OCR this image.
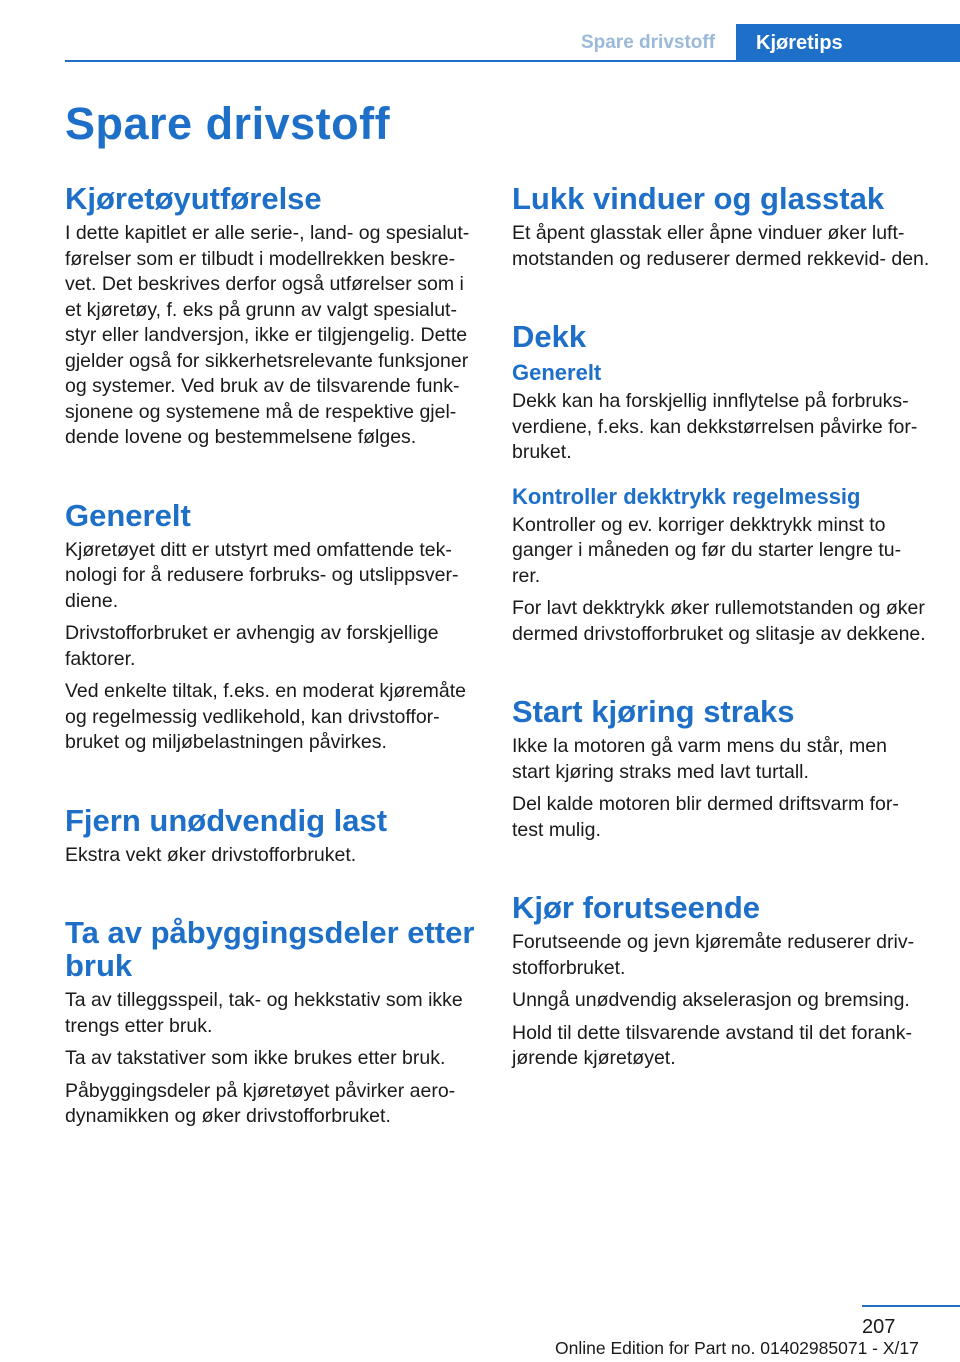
Spare drivstoff	Kjøretips
Spare drivstoff
Kjøretøyutførelse

I dette kapitlet er alle serie-, land- og spesialut- førelser som er tilbudt i modellrekken beskre- vet. Det beskrives derfor også utførelser som i et kjøretøy, f. eks på grunn av valgt spesialut- styr eller landversjon, ikke er tilgjengelig. Dette gjelder også for sikkerhetsrelevante funksjoner og systemer. Ved bruk av de tilsvarende funk- sjonene og systemene må de respektive gjel- dende lovene og bestemmelsene følges.

Generelt

Kjøretøyet ditt er utstyrt med omfattende tek- nologi for å redusere forbruks- og utslippsver- diene.

Drivstofforbruket er avhengig av forskjellige faktorer.

Ved enkelte tiltak, f.eks. en moderat kjøremåte og regelmessig vedlikehold, kan drivstoffor- bruket og miljøbelastningen påvirkes.

Fjern unødvendig last

Ekstra vekt øker drivstofforbruket.

Ta av påbyggingsdeler etter bruk

Ta av tilleggsspeil, tak- og hekkstativ som ikke trengs etter bruk.

Ta av takstativer som ikke brukes etter bruk.

Påbyggingsdeler på kjøretøyet påvirker aero- dynamikken og øker drivstofforbruket.

Lukk vinduer og glasstak

Et åpent glasstak eller åpne vinduer øker luft- motstanden og reduserer dermed rekkevid- den.

Dekk
Generelt

Dekk kan ha forskjellig innflytelse på forbruks- verdiene, f.eks. kan dekkstørrelsen påvirke for- bruket.

Kontroller dekktrykk regelmessig

Kontroller og ev. korriger dekktrykk minst to ganger i måneden og før du starter lengre tu- rer.

For lavt dekktrykk øker rullemotstanden og øker dermed drivstofforbruket og slitasje av dekkene.

Start kjøring straks

Ikke la motoren gå varm mens du står, men start kjøring straks med lavt turtall.

Del kalde motoren blir dermed driftsvarm for- test mulig.

Kjør forutseende

Forutseende og jevn kjøremåte reduserer driv- stofforbruket.

Unngå unødvendig akselerasjon og bremsing.

Hold til dette tilsvarende avstand til det forank- jørende kjøretøyet.

207
Online Edition for Part no. 01402985071 - X/17
